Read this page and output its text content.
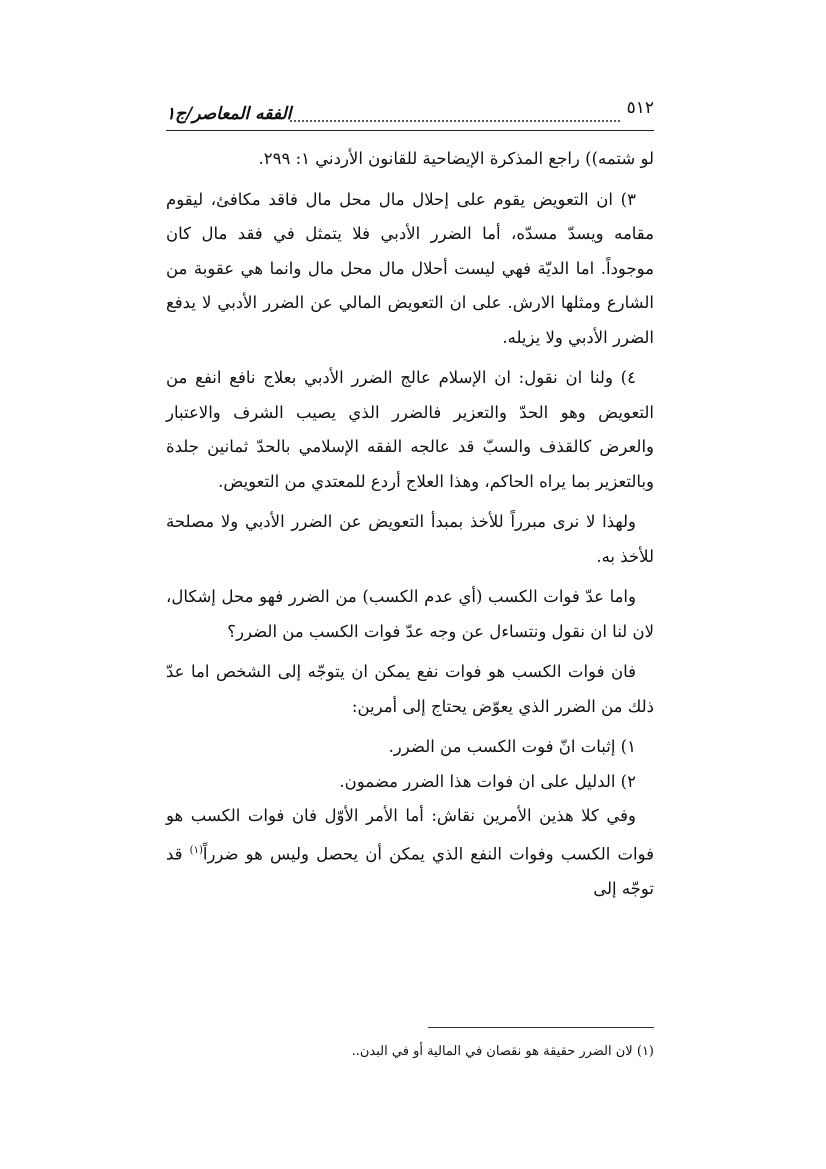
٥١٢
الفقه المعاصر/ج١

لو شتمه)) راجع المذكرة الإيضاحية للقانون الأردني ١: ٢٩٩.

٣) ان التعويض يقوم على إحلال مال محل مال فاقد مكافئ، ليقوم مقامه ويسدّ مسدّه، أما الضرر الأدبي فلا يتمثل في فقد مال كان موجوداً. اما الديّة فهي ليست أحلال مال محل مال وانما هي عقوبة من الشارع ومثلها الارش. على ان التعويض المالي عن الضرر الأدبي لا يدفع الضرر الأدبي ولا يزيله.

٤) ولنا ان نقول: ان الإسلام عالج الضرر الأدبي بعلاج نافع انفع من التعويض وهو الحدّ والتعزير فالضرر الذي يصيب الشرف والاعتبار والعرض كالقذف والسبّ قد عالجه الفقه الإسلامي بالحدّ ثمانين جلدة وبالتعزير بما يراه الحاكم، وهذا العلاج أردع للمعتدي من التعويض.

ولهذا لا نرى مبرراً للأخذ بمبدأ التعويض عن الضرر الأدبي ولا مصلحة للأخذ به.

واما عدّ فوات الكسب (أي عدم الكسب) من الضرر فهو محل إشكال، لان لنا ان نقول ونتساءل عن وجه عدّ فوات الكسب من الضرر؟

فان فوات الكسب هو فوات نفع يمكن ان يتوجّه إلى الشخص اما عدّ ذلك من الضرر الذي يعوّض يحتاج إلى أمرين:

١) إثبات انّ فوت الكسب من الضرر.

٢) الدليل على ان فوات هذا الضرر مضمون.

وفي كلا هذين الأمرين نقاش: أما الأمر الأوّل فان فوات الكسب هو فوات الكسب وفوات النفع الذي يمكن أن يحصل وليس هو ضرراً$^{(١)}$ قد توجّه إلى

(١) لان الضرر حقيقة هو نقصان في المالية أو في البدن..
